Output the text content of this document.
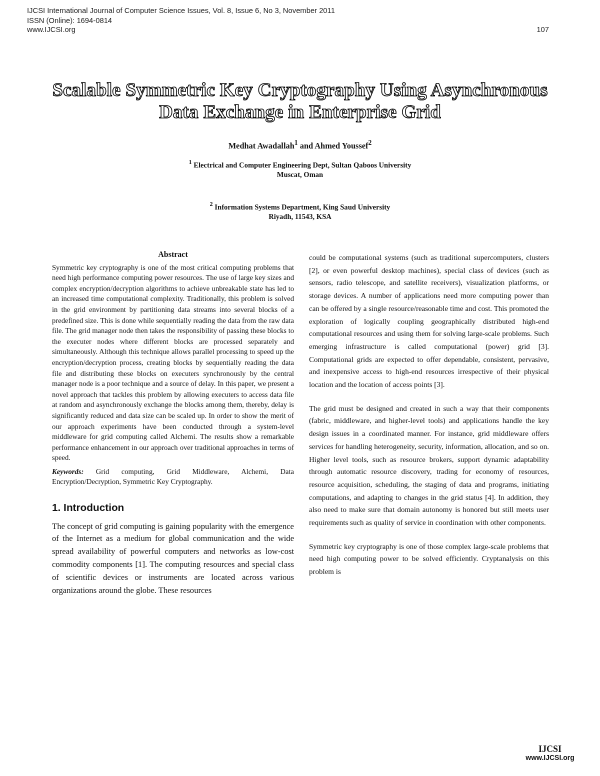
IJCSI International Journal of Computer Science Issues, Vol. 8, Issue 6, No 3, November 2011
ISSN (Online): 1694-0814
www.IJCSI.org	107
Scalable Symmetric Key Cryptography Using Asynchronous
Data Exchange in Enterprise Grid
Medhat Awadallah$^1$ and Ahmed Youssef$^2$
$^1$ Electrical and Computer Engineering Dept, Sultan Qaboos University
Muscat, Oman
$^2$ Information Systems Department, King Saud University
Riyadh, 11543, KSA
Abstract

Symmetric key cryptography is one of the most critical computing problems that need high performance computing power resources. The use of large key sizes and complex encryption/decryption algorithms to achieve unbreakable state has led to an increased time computational complexity. Traditionally, this problem is solved in the grid environment by partitioning data streams into several blocks of a predefined size. This is done while sequentially reading the data from the raw data file. The grid manager node then takes the responsibility of passing these blocks to the executer nodes where different blocks are processed separately and simultaneously. Although this technique allows parallel processing to speed up the encryption/decryption process, creating blocks by sequentially reading the data file and distributing these blocks on executers synchronously by the central manager node is a poor technique and a source of delay. In this paper, we present a novel approach that tackles this problem by allowing executers to access data file at random and asynchronously exchange the blocks among them, thereby, delay is significantly reduced and data size can be scaled up. In order to show the merit of our approach experiments have been conducted through a system-level middleware for grid computing called Alchemi. The results show a remarkable performance enhancement in our approach over traditional approaches in terms of speed.

Keywords: Grid computing, Grid Middleware, Alchemi, Data Encryption/Decryption, Symmetric Key Cryptography.

1. Introduction

The concept of grid computing is gaining popularity with the emergence of the Internet as a medium for global communication and the wide spread availability of powerful computers and networks as low-cost commodity components [1]. The computing resources and special class of scientific devices or instruments are located across various organizations around the globe. These resources

could be computational systems (such as traditional supercomputers, clusters [2], or even powerful desktop machines), special class of devices (such as sensors, radio telescope, and satellite receivers), visualization platforms, or storage devices. A number of applications need more computing power than can be offered by a single resource/reasonable time and cost. This promoted the exploration of logically coupling geographically distributed high-end computational resources and using them for solving large-scale problems. Such emerging infrastructure is called computational (power) grid [3]. Computational grids are expected to offer dependable, consistent, pervasive, and inexpensive access to high-end resources irrespective of their physical location and the location of access points [3].

The grid must be designed and created in such a way that their components (fabric, middleware, and higher-level tools) and applications handle the key design issues in a coordinated manner. For instance, grid middleware offers services for handling heterogeneity, security, information, allocation, and so on. Higher level tools, such as resource brokers, support dynamic adaptability through automatic resource discovery, trading for economy of resources, resource acquisition, scheduling, the staging of data and programs, initiating computations, and adapting to changes in the grid status [4]. In addition, they also need to make sure that domain autonomy is honored but still meets user requirements such as quality of service in coordination with other components.

Symmetric key cryptography is one of those complex large-scale problems that need high computing power to be solved efficiently. Cryptanalysis on this problem is

IJCSI
www.IJCSI.org
